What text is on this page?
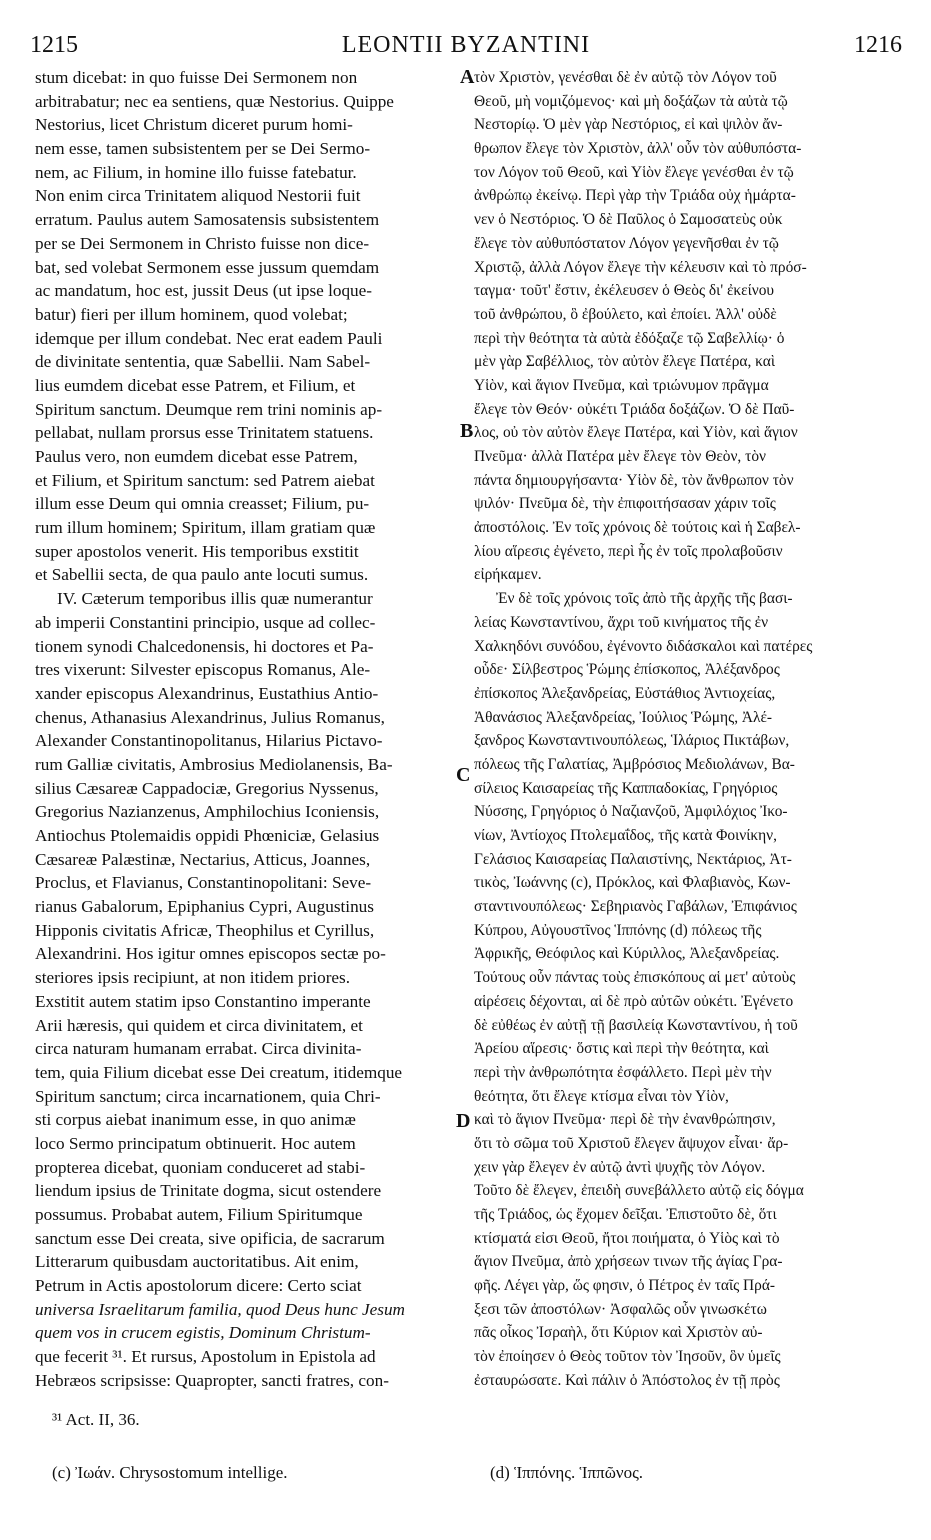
1215	LEONTII BYZANTINI	1216
stum dicebat: in quo fuisse Dei Sermonem non
arbitrabatur; nec ea sentiens, quæ Nestorius. Quippe
Nestorius, licet Christum diceret purum homi-
nem esse, tamen subsistentem per se Dei Sermo-
nem, ac Filium, in homine illo fuisse fatebatur.
Non enim circa Trinitatem aliquod Nestorii fuit
erratum. Paulus autem Samosatensis subsistentem
per se Dei Sermonem in Christo fuisse non dice-
bat, sed volebat Sermonem esse jussum quemdam
ac mandatum, hoc est, jussit Deus (ut ipse loque-
batur) fieri per illum hominem, quod volebat;
idemque per illum condebat. Nec erat eadem Pauli
de divinitate sententia, quæ Sabellii. Nam Sabel-
lius eumdem dicebat esse Patrem, et Filium, et
Spiritum sanctum. Deumque rem trini nominis ap-
pellabat, nullam prorsus esse Trinitatem statuens.
Paulus vero, non eumdem dicebat esse Patrem,
et Filium, et Spiritum sanctum: sed Patrem aiebat
illum esse Deum qui omnia creasset; Filium, pu-
rum illum hominem; Spiritum, illam gratiam quæ
super apostolos venerit. His temporibus exstitit
et Sabellii secta, de qua paulo ante locuti sumus.
IV. Cæterum temporibus illis quæ numerantur
ab imperii Constantini principio, usque ad collec-
tionem synodi Chalcedonensis, hi doctores et Pa-
tres vixerunt: Silvester episcopus Romanus, Ale-
xander episcopus Alexandrinus, Eustathius Antio-
chenus, Athanasius Alexandrinus, Julius Romanus,
Alexander Constantinopolitanus, Hilarius Pictavo-
rum Galliæ civitatis, Ambrosius Mediolanensis, Ba-
silius Cæsareæ Cappadociæ, Gregorius Nyssenus,
Gregorius Nazianzenus, Amphilochius Iconiensis,
Antiochus Ptolemaidis oppidi Phœniciæ, Gelasius
Cæsareæ Palæstinæ, Nectarius, Atticus, Joannes,
Proclus, et Flavianus, Constantinopolitani: Seve-
rianus Gabalorum, Epiphanius Cypri, Augustinus
Hipponis civitatis Africæ, Theophilus et Cyrillus,
Alexandrini. Hos igitur omnes episcopos sectæ po-
steriores ipsis recipiunt, at non itidem priores.
Exstitit autem statim ipso Constantino imperante
Arii hæresis, qui quidem et circa divinitatem, et
circa naturam humanam errabat. Circa divinita-
tem, quia Filium dicebat esse Dei creatum, itidemque
Spiritum sanctum; circa incarnationem, quia Chri-
sti corpus aiebat inanimum esse, in quo animæ
loco Sermo principatum obtinuerit. Hoc autem
propterea dicebat, quoniam conduceret ad stabi-
liendum ipsius de Trinitate dogma, sicut ostendere
possumus. Probabat autem, Filium Spiritumque
sanctum esse Dei creata, sive opificia, de sacrarum
Litterarum quibusdam auctoritatibus. Ait enim,
Petrum in Actis apostolorum dicere: Certo sciat
universa Israelitarum familia, quod Deus hunc Jesum
quem vos in crucem egistis, Dominum Christum-
que fecerit ³¹. Et rursus, Apostolum in Epistola ad
Hebræos scripsisse: Quapropter, sancti fratres, con-
τὸν Χριστὸν, γενέσθαι δὲ ἐν αὐτῷ τὸν Λόγον τοῦ
Θεοῦ, μὴ νομιζόμενος· καὶ μὴ δοξάζων τὰ αὐτὰ τῷ
Νεστορίῳ. Ὁ μὲν γὰρ Νεστόριος, εἰ καὶ ψιλὸν ἄν-
θρωπον ἔλεγε τὸν Χριστὸν, ἀλλ' οὖν τὸν αὐθυπόστα-
τον Λόγον τοῦ Θεοῦ, καὶ Υἱὸν ἔλεγε γενέσθαι ἐν τῷ
ἀνθρώπῳ ἐκείνῳ. Περὶ γὰρ τὴν Τριάδα οὐχ ἡμάρτα-
νεν ὁ Νεστόριος. Ὁ δὲ Παῦλος ὁ Σαμοσατεὺς οὐκ
ἔλεγε τὸν αὐθυπόστατον Λόγον γεγενῆσθαι ἐν τῷ
Χριστῷ, ἀλλὰ Λόγον ἔλεγε τὴν κέλευσιν καὶ τὸ πρόσ-
ταγμα· τοῦτ' ἔστιν, ἐκέλευσεν ὁ Θεὸς δι' ἐκείνου
τοῦ ἀνθρώπου, ὃ ἐβούλετο, καὶ ἐποίει. Ἀλλ' οὐδὲ
περὶ τὴν θεότητα τὰ αὐτὰ ἐδόξαζε τῷ Σαβελλίῳ· ὁ
μὲν γὰρ Σαβέλλιος, τὸν αὐτὸν ἔλεγε Πατέρα, καὶ
Υἱὸν, καὶ ἅγιον Πνεῦμα, καὶ τριώνυμον πρᾶγμα
ἔλεγε τὸν Θεόν· οὐκέτι Τριάδα δοξάζων. Ὁ δὲ Παῦ-
λος, οὐ τὸν αὐτὸν ἔλεγε Πατέρα, καὶ Υἱὸν, καὶ ἅγιον
Πνεῦμα· ἀλλὰ Πατέρα μὲν ἔλεγε τὸν Θεὸν, τὸν
πάντα δημιουργήσαντα· Υἱὸν δὲ, τὸν ἄνθρωπον τὸν
ψιλόν· Πνεῦμα δὲ, τὴν ἐπιφοιτήσασαν χάριν τοῖς
ἀποστόλοις. Ἐν τοῖς χρόνοις δὲ τούτοις καὶ ἡ Σαβελ-
λίου αἵρεσις ἐγένετο, περὶ ἧς ἐν τοῖς προλαβοῦσιν
εἰρήκαμεν.
Ἐν δὲ τοῖς χρόνοις τοῖς ἀπὸ τῆς ἀρχῆς τῆς βασι-
λείας Κωνσταντίνου, ἄχρι τοῦ κινήματος τῆς ἐν
Χαλκηδόνι συνόδου, ἐγένοντο διδάσκαλοι καὶ πατέρες
οὗδε· Σίλβεστρος Ῥώμης ἐπίσκοπος, Ἀλέξανδρος
ἐπίσκοπος Ἀλεξανδρείας, Εὐστάθιος Ἀντιοχείας,
Ἀθανάσιος Ἀλεξανδρείας, Ἰούλιος Ῥώμης, Ἀλέ-
ξανδρος Κωνσταντινουπόλεως, Ἱλάριος Πικτάβων,
πόλεως τῆς Γαλατίας, Ἀμβρόσιος Μεδιολάνων, Βα-
σίλειος Καισαρείας τῆς Καππαδοκίας, Γρηγόριος
Νύσσης, Γρηγόριος ὁ Ναζιανζοῦ, Ἀμφιλόχιος Ἰκο-
νίων, Ἀντίοχος Πτολεμαΐδος, τῆς κατὰ Φοινίκην,
Γελάσιος Καισαρείας Παλαιστίνης, Νεκτάριος, Ἀτ-
τικὸς, Ἰωάννης (c), Πρόκλος, καὶ Φλαβιανὸς, Κων-
σταντινουπόλεως· Σεβηριανὸς Γαβάλων, Ἐπιφάνιος
Κύπρου, Αὐγουστῖνος Ἱππόνης (d) πόλεως τῆς
Ἀφρικῆς, Θεόφιλος καὶ Κύριλλος, Ἀλεξανδρείας.
Τούτους οὖν πάντας τοὺς ἐπισκόπους αἱ μετ' αὐτοὺς
αἱρέσεις δέχονται, αἱ δὲ πρὸ αὐτῶν οὐκέτι. Ἐγένετο
δὲ εὐθέως ἐν αὐτῇ τῇ βασιλείᾳ Κωνσταντίνου, ἡ τοῦ
Ἀρείου αἵρεσις· ὅστις καὶ περὶ τὴν θεότητα, καὶ
περὶ τὴν ἀνθρωπότητα ἐσφάλλετο. Περὶ μὲν τὴν
θεότητα, ὅτι ἔλεγε κτίσμα εἶναι τὸν Υἱὸν,
καὶ τὸ ἅγιον Πνεῦμα· περὶ δὲ τὴν ἐνανθρώπησιν,
ὅτι τὸ σῶμα τοῦ Χριστοῦ ἔλεγεν ἄψυχον εἶναι· ἄρ-
χειν γὰρ ἔλεγεν ἐν αὐτῷ ἀντὶ ψυχῆς τὸν Λόγον.
Τοῦτο δὲ ἔλεγεν, ἐπειδὴ συνεβάλλετο αὐτῷ εἰς δόγμα
τῆς Τριάδος, ὡς ἔχομεν δεῖξαι. Ἐπιστοῦτο δὲ, ὅτι
κτίσματά εἰσι Θεοῦ, ἤτοι ποιήματα, ὁ Υἱὸς καὶ τὸ
ἅγιον Πνεῦμα, ἀπὸ χρήσεων τινων τῆς ἁγίας Γρα-
φῆς. Λέγει γὰρ, ὥς φησιν, ὁ Πέτρος ἐν ταῖς Πρά-
ξεσι τῶν ἀποστόλων· Ἀσφαλῶς οὖν γινωσκέτω
πᾶς οἶκος Ἰσραὴλ, ὅτι Κύριον καὶ Χριστὸν αὐ-
τὸν ἐποίησεν ὁ Θεὸς τοῦτον τὸν Ἰησοῦν, ὃν ὑμεῖς
ἐσταυρώσατε. Καὶ πάλιν ὁ Ἀπόστολος ἐν τῇ πρὸς
A
B
C
D
³¹ Act. II, 36.
(c) Ἰωάν. Chrysostomum intellige.	(d) Ἱππόνης. Ἱππῶνος.
